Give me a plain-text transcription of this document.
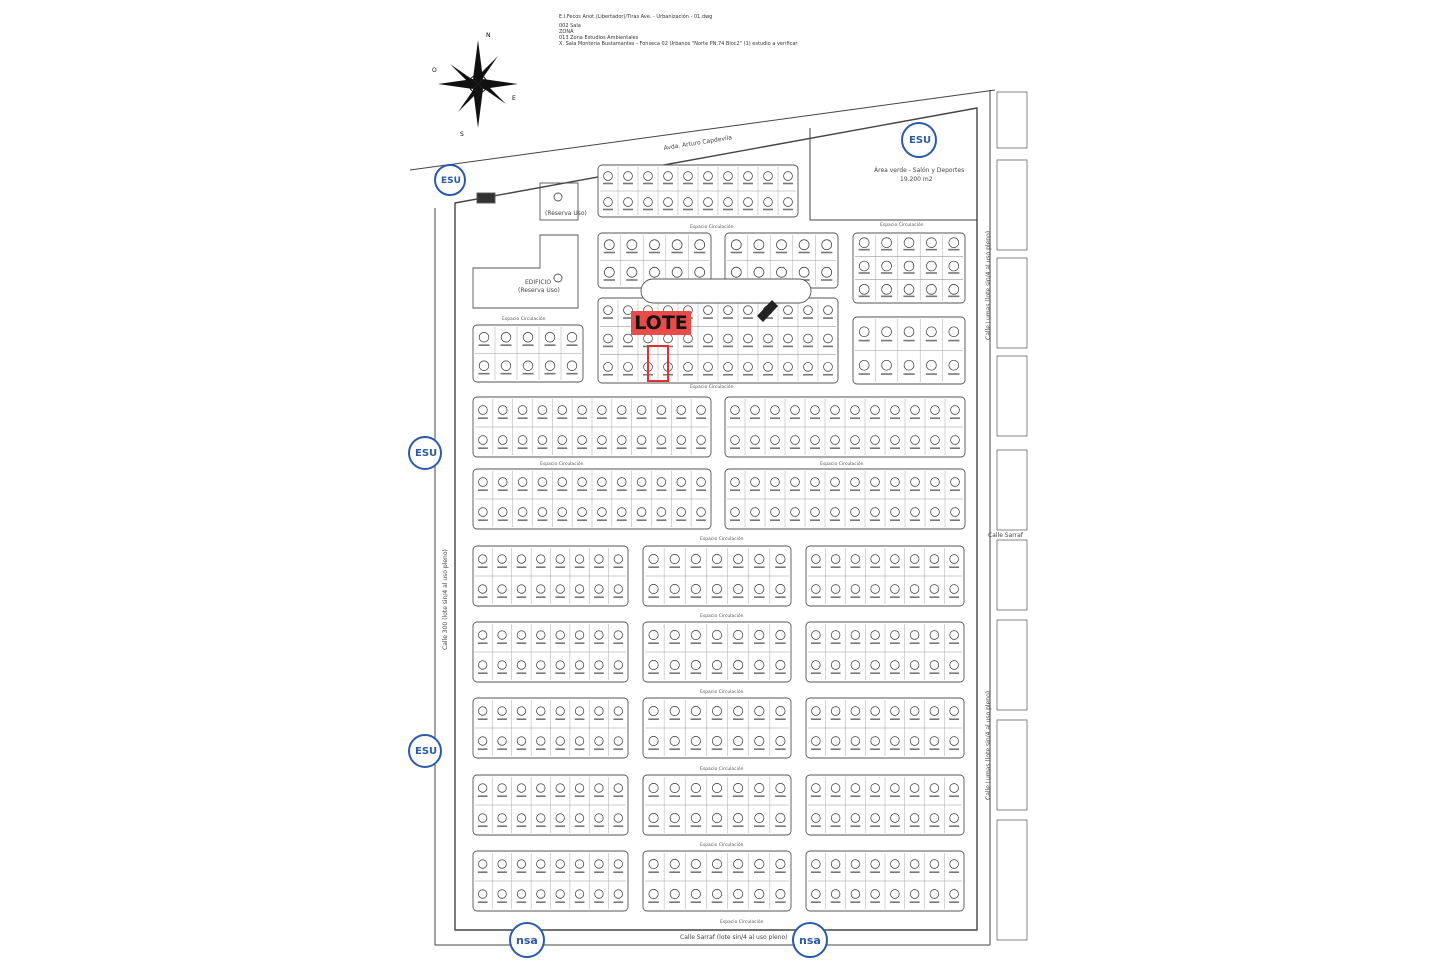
Espacio Circulación
Espacio Circulación
Espacio Circulación	Espacio Circulación
Espacio Circulación
Espacio Circulación
Espacio Circulación
Espacio Circulación
Espacio Circulación
Espacio Circulación
Espacio Circulación
Espacio Circulación
Avda. Arturo Capdevila
Calle Sarraf (lote sin/4 al uso pleno)
Calle 300 (lote sin/4 al uso pleno)
Calle Lumas (lote sin/4 al uso pleno)
Calle Sarraf
Calle Lumas (lote sin/4 al uso pleno)
Área verde - Salón y Deportes
19.200 m2
EDIFICIO
(Reserva Uso)
(Reserva Uso)
N
E
S
O
ESU
ESU
ESU
ESU
nsa	nsa
E.I.Fecos Anot.(Libertador)/Tiras Ave. - Urbanización - 01.dwg
002 Sala
ZONA
013 Zona Estudios Ambientales
X. Sala Monteria Bustamantes - Fonseca 02 Urbanos "Norte PN.74 Bloc2" (1) estudio a verificar
LOTE
